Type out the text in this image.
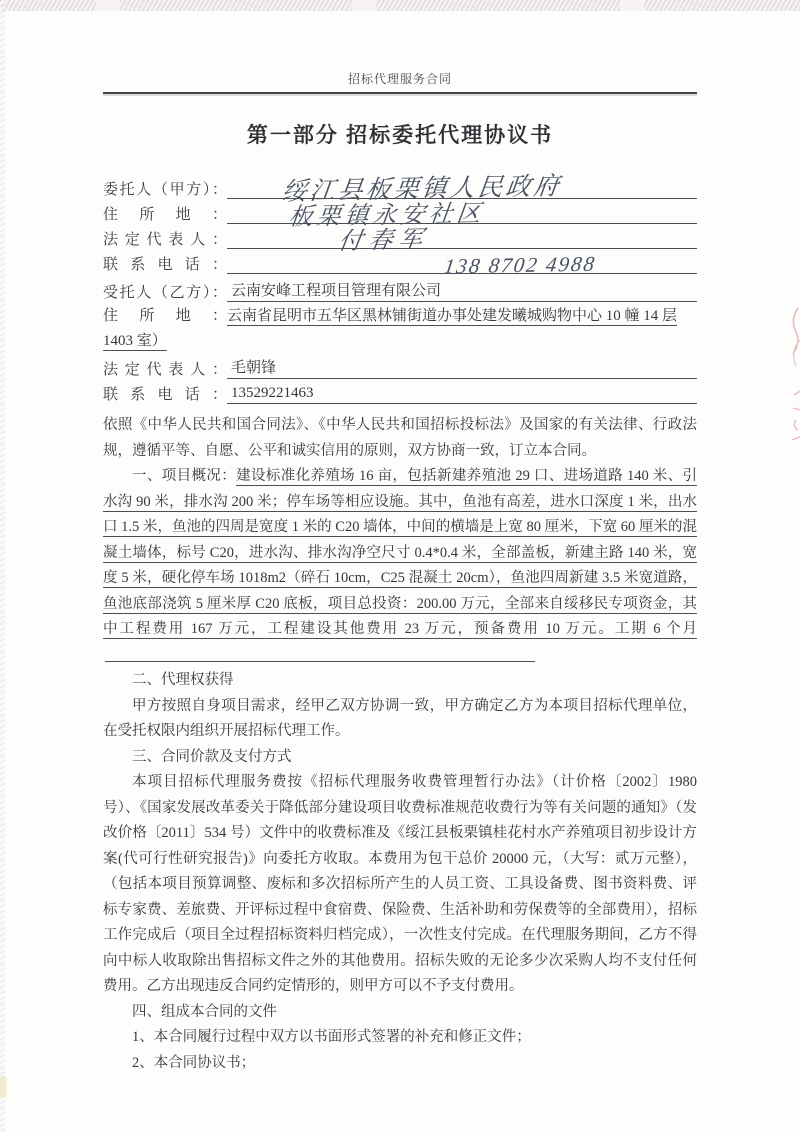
招标代理服务合同
第一部分 招标委托代理协议书
委托人（甲方）：	绥江县板栗镇人民政府
住所地：	板栗镇永安社区
法定代表人：	付春军
联系电话：	138 8702 4988
受托人（乙方）： 云南安峰工程项目管理有限公司
住所地：云南省昆明市五华区黑林铺街道办事处建发曦城购物中心 10 幢 14 层 1403 室）
法定代表人： 毛朝锋
联系电话： 13529221463

依照《中华人民共和国合同法》、《中华人民共和国招标投标法》及国家的有关法律、行政法规，遵循平等、自愿、公平和诚实信用的原则，双方协商一致，订立本合同。

一、项目概况：建设标准化养殖场 16 亩，包括新建养殖池 29 口、进场道路 140 米、引水沟 90 米，排水沟 200 米；停车场等相应设施。其中，鱼池有高差，进水口深度 1 米，出水口 1.5 米，鱼池的四周是宽度 1 米的 C20 墙体，中间的横墙是上宽 80 厘米，下宽 60 厘米的混凝土墙体，标号 C20，进水沟、排水沟净空尺寸 0.4*0.4 米，全部盖板，新建主路 140 米，宽度 5 米，硬化停车场 1018m2（碎石 10cm，C25 混凝土 20cm），鱼池四周新建 3.5 米宽道路，鱼池底部浇筑 5 厘米厚 C20 底板，项目总投资：200.00 万元，全部来自绥移民专项资金，其中工程费用 167 万元，工程建设其他费用 23 万元，预备费用 10 万元。工期 6 个月

二、代理权获得

甲方按照自身项目需求，经甲乙双方协调一致，甲方确定乙方为本项目招标代理单位，在受托权限内组织开展招标代理工作。

三、合同价款及支付方式

本项目招标代理服务费按《招标代理服务收费管理暂行办法》（计价格〔2002〕1980 号）、《国家发展改革委关于降低部分建设项目收费标准规范收费行为等有关问题的通知》（发改价格〔2011〕534 号）文件中的收费标准及《绥江县板栗镇桂花村水产养殖项目初步设计方案(代可行性研究报告)》向委托方收取。本费用为包干总价 20000 元，（大写：贰万元整），（包括本项目预算调整、废标和多次招标所产生的人员工资、工具设备费、图书资料费、评标专家费、差旅费、开评标过程中食宿费、保险费、生活补助和劳保费等的全部费用），招标工作完成后（项目全过程招标资料归档完成），一次性支付完成。在代理服务期间，乙方不得向中标人收取除出售招标文件之外的其他费用。招标失败的无论多少次采购人均不支付任何费用。乙方出现违反合同约定情形的，则甲方可以不予支付费用。

四、组成本合同的文件

1、本合同履行过程中双方以书面形式签署的补充和修正文件；

2、本合同协议书；
